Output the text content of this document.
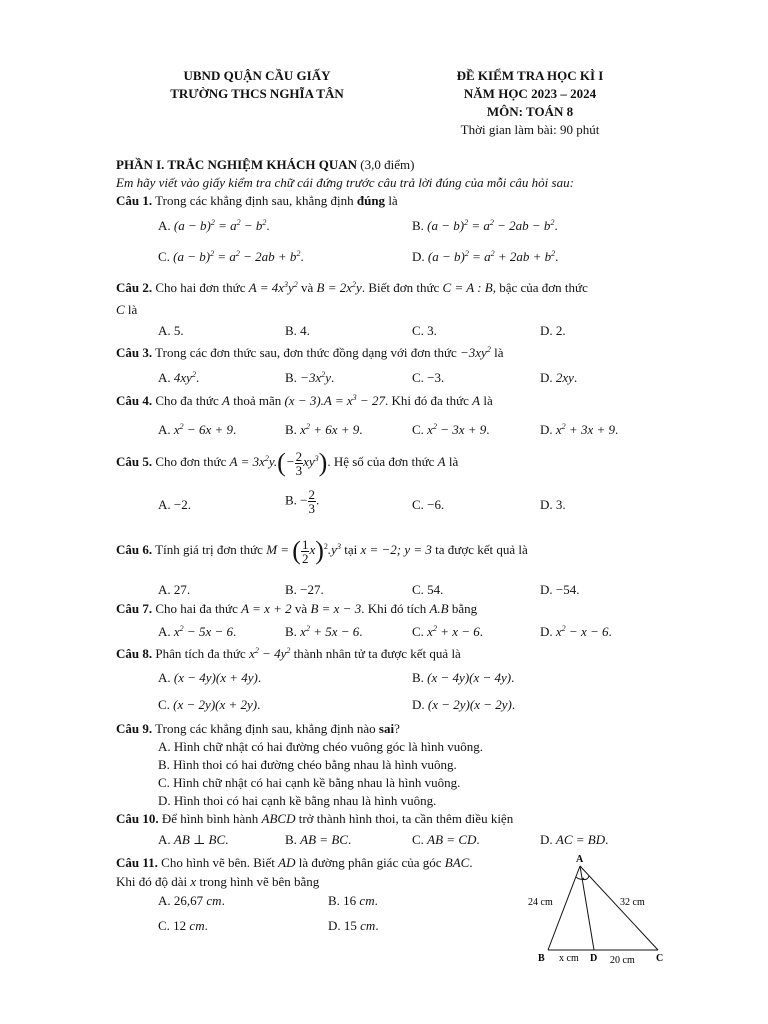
UBND QUẬN CẦU GIẤY
TRƯỜNG THCS NGHĨA TÂN
ĐỀ KIỂM TRA HỌC KÌ I
NĂM HỌC 2023 – 2024
MÔN: TOÁN 8
Thời gian làm bài: 90 phút
PHẦN I. TRẮC NGHIỆM KHÁCH QUAN (3,0 điểm)
Em hãy viết vào giấy kiểm tra chữ cái đứng trước câu trả lời đúng của mỗi câu hỏi sau:
Câu 1. Trong các khẳng định sau, khẳng định đúng là
A. $(a - b)^2 = a^2 - b^2$.	B. $(a - b)^2 = a^2 - 2ab - b^2$.
C. $(a - b)^2 = a^2 - 2ab + b^2$.	D. $(a - b)^2 = a^2 + 2ab + b^2$.
Câu 2. Cho hai đơn thức $A = 4x^3y^2$ và $B = 2x^2y$. Biết đơn thức C = A : B, bậc của đơn thức
C là
A. 5.	B. 4.	C. 3.	D. 2.
Câu 3. Trong các đơn thức sau, đơn thức đồng dạng với đơn thức $-3xy^2$ là
A. $4xy^2$.	B. $-3x^2y$.	C. −3.	D. 2xy.
Câu 4. Cho đa thức A thoả mãn $(x - 3).A = x^3 - 27$. Khi đó đa thức A là
A. $x^2 - 6x + 9$.	B. $x^2 + 6x + 9$.	C. $x^2 - 3x + 9$.	D. $x^2 + 3x + 9$.
Câu 5. Cho đơn thức $A = 3x^2y.(- \frac{2}{3} xy^3)$. Hệ số của đơn thức A là
A. −2.	B. − $\frac{2}{3}$ .	C. −6.	D. 3.
Câu 6. Tính giá trị đơn thức M = ( $\frac{1}{2} x)^2.y^3$ tại x = −2; y = 3 ta được kết quả là
A. 27.	B. −27.	C. 54.	D. −54.
Câu 7. Cho hai đa thức A = x + 2 và B = x − 3. Khi đó tích A.B bằng
A. $x^2 - 5x - 6$.	B. $x^2 + 5x - 6$.	C. $x^2 + x - 6$.	D. $x^2 - x - 6$.
Câu 8. Phân tích đa thức $x^2 - 4y^2$ thành nhân tử ta được kết quả là
A. (x − 4y)(x + 4y).	B. (x − 4y)(x − 4y).
C. (x − 2y)(x + 2y).	D. (x − 2y)(x − 2y).
Câu 9. Trong các khẳng định sau, khẳng định nào sai?
A. Hình chữ nhật có hai đường chéo vuông góc là hình vuông.
B. Hình thoi có hai đường chéo bằng nhau là hình vuông.
C. Hình chữ nhật có hai cạnh kề bằng nhau là hình vuông.
D. Hình thoi có hai cạnh kề bằng nhau là hình vuông.
Câu 10. Để hình bình hành ABCD trở thành hình thoi, ta cần thêm điều kiện
A. AB ⊥ BC.	B. AB = BC.	C. AB = CD.	D. AC = BD.
Câu 11. Cho hình vẽ bên. Biết AD là đường phân giác của góc BAC.
Khi đó độ dài x trong hình vẽ bên bằng
A. 26,67 cm.	B. 16 cm.
C. 12 cm.	D. 15 cm.
A
B	C
D
24 cm	32 cm
x cm	20 cm
